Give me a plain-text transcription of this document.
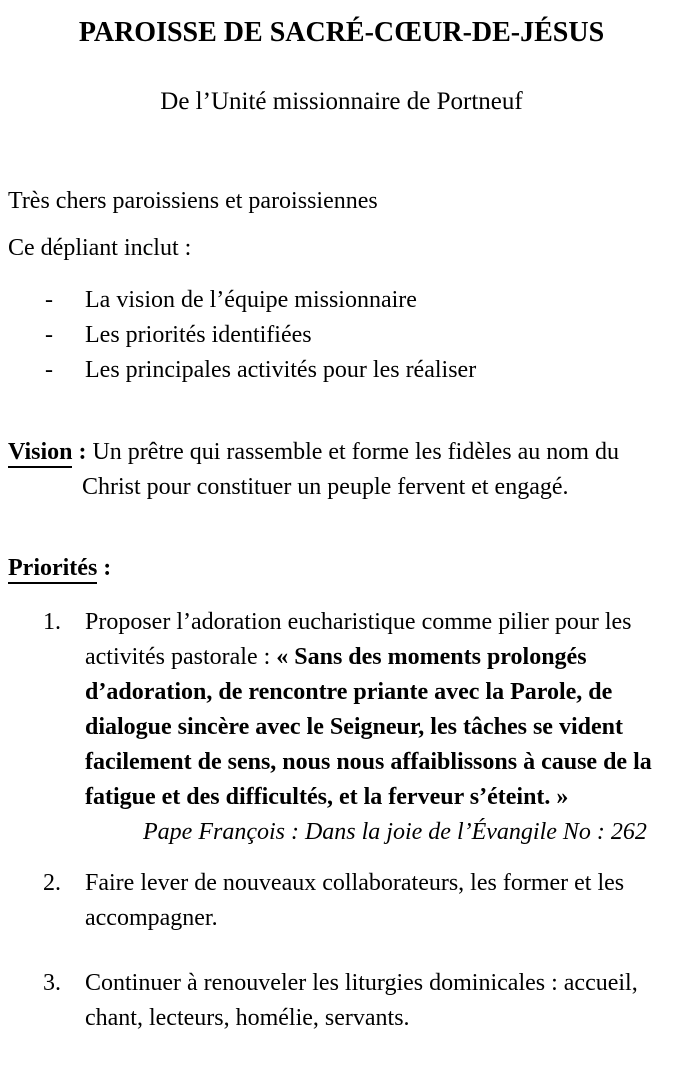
PAROISSE DE SACRÉ-CŒUR-DE-JÉSUS
De l’Unité missionnaire de Portneuf

Très chers paroissiens et paroissiennes

Ce dépliant inclut :

-	La vision de l’équipe missionnaire
-	Les priorités identifiées
-	Les principales activités pour les réaliser

Vision : Un prêtre qui rassemble et forme les fidèles au nom du Christ pour constituer un peuple fervent et engagé.

Priorités :

1.	Proposer l’adoration eucharistique comme pilier pour les activités pastorale : « Sans des moments prolongés d’adoration, de rencontre priante avec la Parole, de dialogue sincère avec le Seigneur, les tâches se vident facilement de sens, nous nous affaiblissons à cause de la fatigue et des difficultés, et la ferveur s’éteint. »
Pape François : Dans la joie de l’Évangile No : 262
2.	Faire lever de nouveaux collaborateurs, les former et les accompagner.
3.	Continuer à renouveler les liturgies dominicales : accueil, chant, lecteurs, homélie, servants.
